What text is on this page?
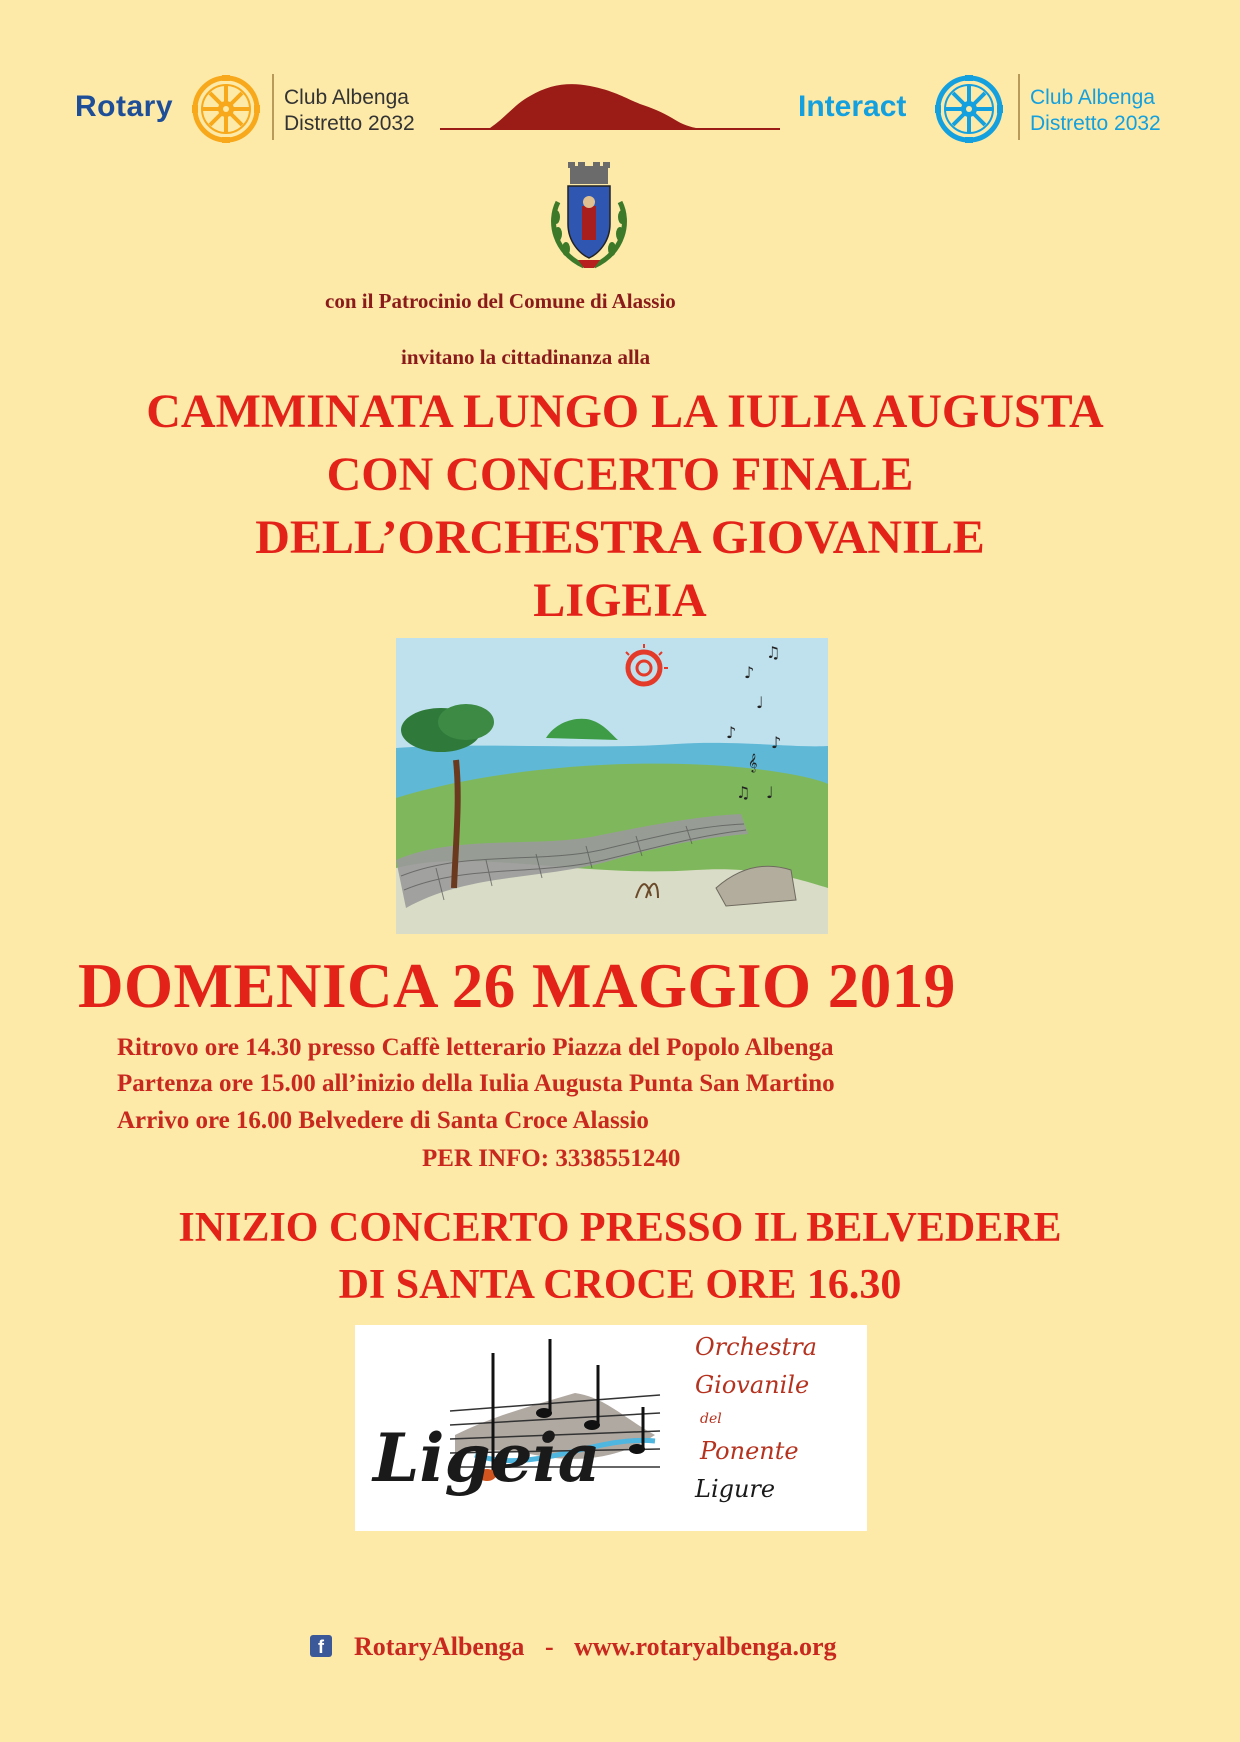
Rotary	Club Albenga
Distretto 2032
Interact	Club Albenga
Distretto 2032
con il Patrocinio del Comune di Alassio
invitano la cittadinanza alla
CAMMINATA LUNGO LA IULIA AUGUSTA
CON CONCERTO FINALE
DELL’ORCHESTRA GIOVANILE
LIGEIA
♪
♫
♩
♪
𝄞
♫
♪
♩
DOMENICA 26 MAGGIO 2019
Ritrovo ore 14.30 presso Caffè letterario Piazza del Popolo Albenga
Partenza ore 15.00 all’inizio della Iulia Augusta Punta San Martino
Arrivo ore 16.00 Belvedere di Santa Croce Alassio
PER INFO: 3338551240
INIZIO CONCERTO PRESSO IL BELVEDERE
DI SANTA CROCE ORE 16.30
Ligeia
Orchestra
Giovanile
del
Ponente
Ligure
f RotaryAlbenga - www.rotaryalbenga.org
